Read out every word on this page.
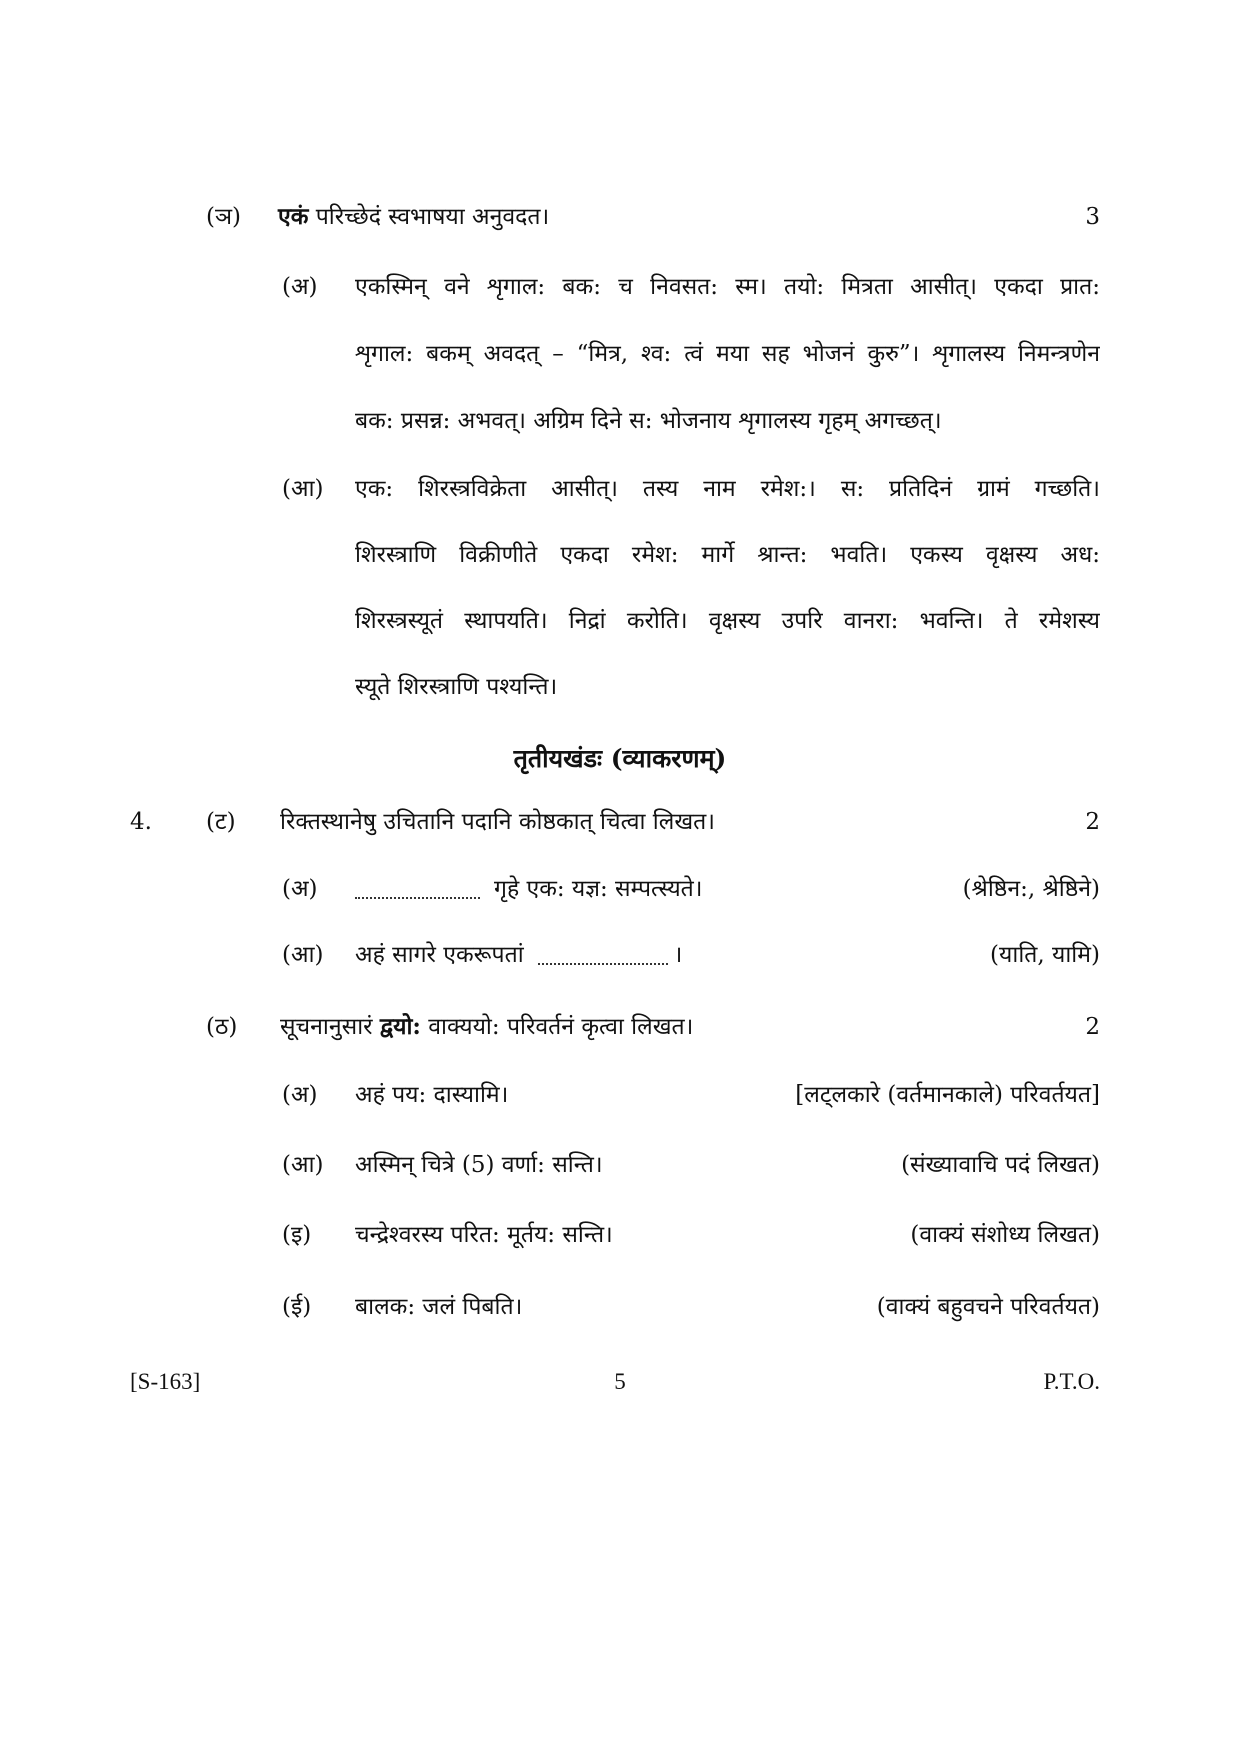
(ञ) एकं परिच्छेदं स्वभाषया अनुवदत।	3
(अ) एकस्मिन् वने शृगाल: बक: च निवसत: स्म। तयो: मित्रता आसीत्। एकदा प्रात:
शृगाल: बकम् अवदत् – “मित्र, श्व: त्वं मया सह भोजनं कुरु”। शृगालस्य निमन्त्रणेन
बक: प्रसन्न: अभवत्। अग्रिम दिने स: भोजनाय शृगालस्य गृहम् अगच्छत्।
(आ) एक: शिरस्त्रविक्रेता आसीत्। तस्य नाम रमेश:। स: प्रतिदिनं ग्रामं गच्छति।
शिरस्त्राणि विक्रीणीते एकदा रमेश: मार्गे श्रान्त: भवति। एकस्य वृक्षस्य अध:
शिरस्त्रस्यूतं स्थापयति। निद्रां करोति। वृक्षस्य उपरि वानरा: भवन्ति। ते रमेशस्य
स्यूते शिरस्त्राणि पश्यन्ति।
तृतीयखंडः (व्याकरणम्)
4. (ट) रिक्तस्थानेषु उचितानि पदानि कोष्ठकात् चित्वा लिखत।	2
(अ)	गृहे एक: यज्ञ: सम्पत्स्यते।	(श्रेष्ठिन:, श्रेष्ठिने)
(आ) अहं सागरे एकरूपतां	।	(याति, यामि)
(ठ) सूचनानुसारं द्वयो: वाक्ययो: परिवर्तनं कृत्वा लिखत।	2
(अ) अहं पय: दास्यामि।	[लट्लकारे (वर्तमानकाले) परिवर्तयत]
(आ) अस्मिन् चित्रे (5) वर्णा: सन्ति।	(संख्यावाचि पदं लिखत)
(इ) चन्द्रेश्वरस्य परित: मूर्तय: सन्ति।	(वाक्यं संशोध्य लिखत)
(ई) बालक: जलं पिबति।	(वाक्यं बहुवचने परिवर्तयत)
[S-163]	5	P.T.O.
